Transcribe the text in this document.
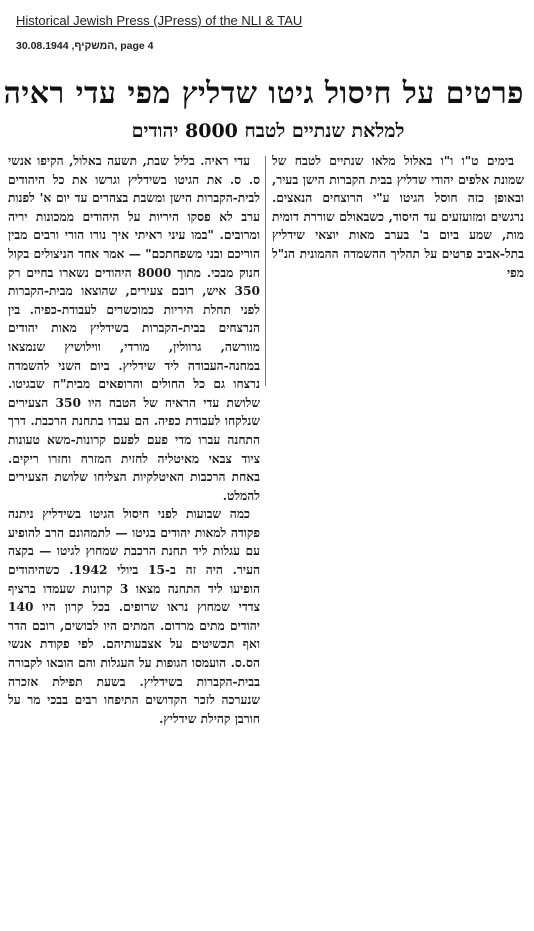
Historical Jewish Press (JPress) of the NLI & TAU
המשקיף, 30.08.1944, page 4
פרטים על חיסול גיטו שדליץ מפי עדי ראיה
למלאת שנתיים לטבח 8000 יהודים

בימים ט"ו ו"ו באלול מלאו שנתיים לטבח של שמונת אלפים יהודי שדליץ בבית הקברות הישן בעיר, ובאופן כזה חוסל הגיטו ע"י הרוצחים הנאצים. נרגשים ומזועזעים עד היסוד, כשבאולם שוררת דומית מות, שמע ביום ב' בערב מאות יוצאי שידליץ בתל-אביב פרטים על תהליך ההשמדה ההמונית הנ"ל מפי

עדי ראיה. בליל שבת, תשעה באלול, הקיפו אנשי ס. ס. את הגיטו בשידליץ וגרשו את כל היהודים לבית-הקברות הישן ומשבת בצהרים עד יום א' לפנות ערב לא פסקו היריות על היהודים ממכונות יריה ומרובים. "במו עיני ראיתי איך נורו הורי ורבים מבין הוריכם ובני משפחתכם" — אמר אחד הניצולים בקול חנוק מבכי. מתוך 8000 היהודים נשארו בחיים רק 350 איש, רובם צעירים, שהוצאו מבית-הקברות לפני תחלת היריות כמוכשרים לעבודת-כפיה. בין הנרצחים בבית-הקברות בשידליץ מאות יהודים מוורשה, גרוולין, מורדי, ווילושיץ שנמצאו במחנה-העבודה ליד שידליץ. ביום השני להשמדה נרצחו גם כל החולים והרופאים מבית"ח שבגיטו. שלושת עדי הראיה של הטבח היו 350 הצעירים שנלקחו לעבודת כפיה. הם עבדו בתחנת הרכבת. דרך התחנה עברו מדי פעם לפעם קרונות-משא טעונות ציוד צבאי מאיטליה לחזית המזרח וחזרו ריקים. באחת הרכבות האיטלקיות הצליחו שלושת הצעירים להמלט.

כמה שבועות לפני חיסול הגיטו בשידליץ ניתנה פקודה למאות יהודים בגיטו — לתמהונם הרב להופיע עם עגלות ליד תחנת הרכבת שמחוץ לגיטו — בקצה העיר. היה זה ב-15 ביולי 1942. כשהיהודים הופיעו ליד התחנה מצאו 3 קרונות שעמדו ברציף צדדי שמחוץ נראו שרופים. בכל קרון היו 140 יהודים מתים מרדום. המתים היו לבושים, רובם הדר ואף תכשיטים על אצבעותיהם. לפי פקודת אנשי הס.ס. הועמסו הגופות על העגלות והם הובאו לקבורה בבית-הקברות בשידליץ. בשעת תפילת אזכרה שנערכה לזכר הקדושים התיפחו רבים בבכי מר על חורבן קהילת שידליץ.
